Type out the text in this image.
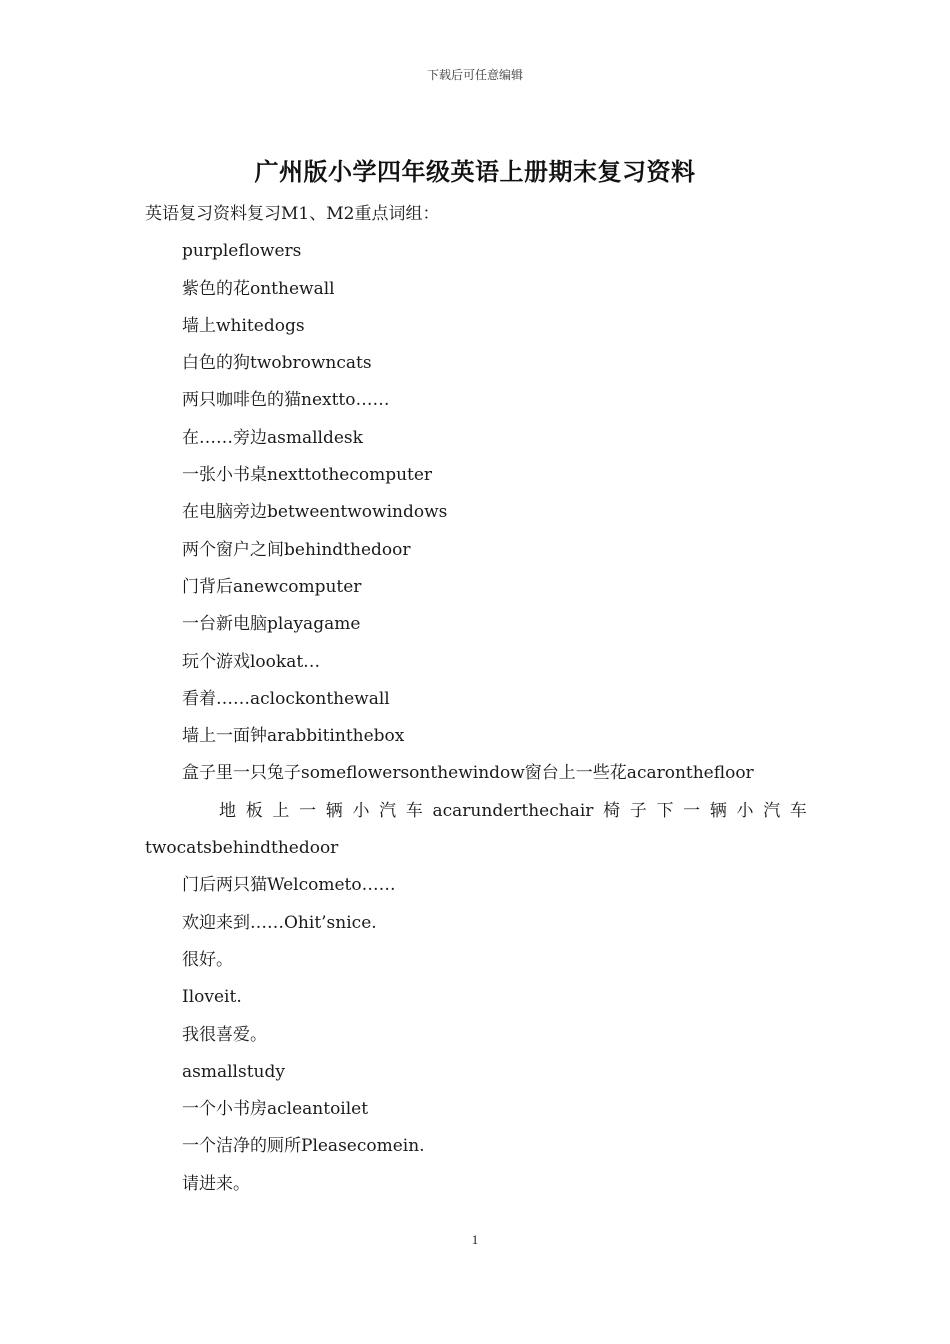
下载后可任意编辑
广州版小学四年级英语上册期末复习资料
英语复习资料复习M1、M2重点词组：
purpleflowers
紫色的花onthewall
墙上whitedogs
白色的狗twobrowncats
两只咖啡色的猫nextto……
在……旁边asmalldesk
一张小书桌nexttothecomputer
在电脑旁边betweentwowindows
两个窗户之间behindthedoor
门背后anewcomputer
一台新电脑playagame
玩个游戏lookat…
看着……aclockonthewall
墙上一面钟arabbitinthebox
盒子里一只兔子someflowersonthewindow窗台上一些花acaronthefloor
地 板 上 一 辆 小 汽 车 acarunderthechair 椅 子 下 一 辆 小 汽 车
twocatsbehindthedoor
门后两只猫Welcometo……
欢迎来到……Ohit’snice.
很好。
Iloveit.
我很喜爱。
asmallstudy
一个小书房acleantoilet
一个洁净的厕所Pleasecomein.
请进来。
1
